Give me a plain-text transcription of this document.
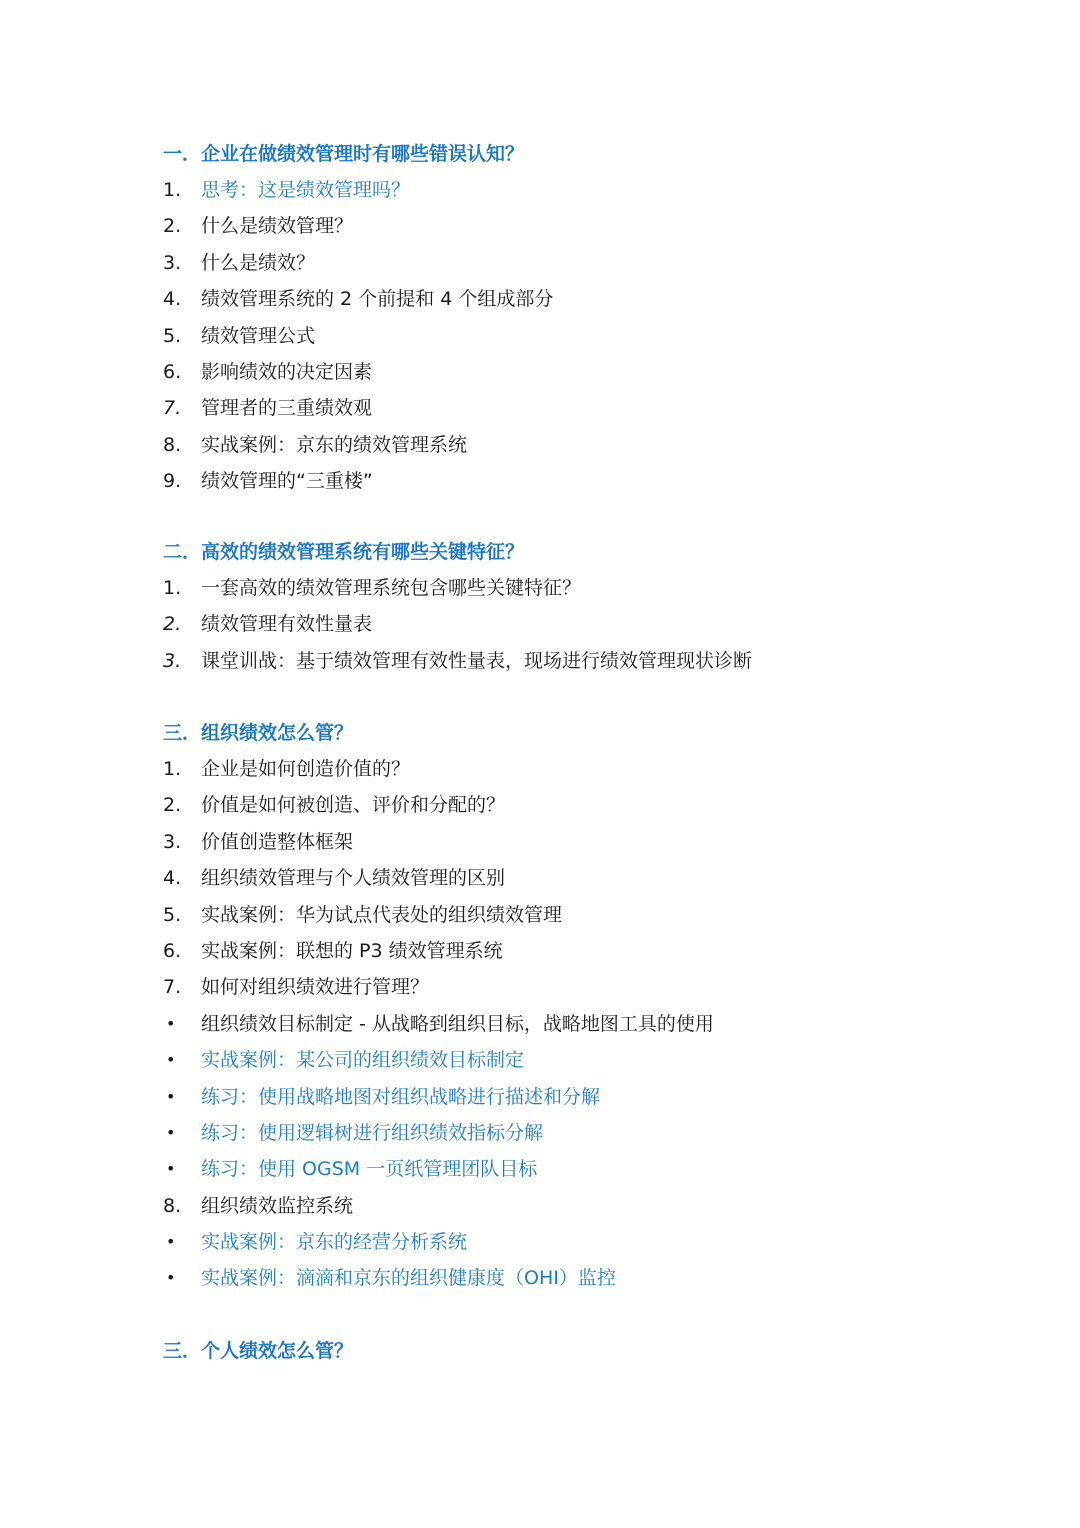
一．企业在做绩效管理时有哪些错误认知？
1.	思考：这是绩效管理吗？
2.	什么是绩效管理？
3.	什么是绩效？
4.	绩效管理系统的 2 个前提和 4 个组成部分
5.	绩效管理公式
6.	影响绩效的决定因素
7.	管理者的三重绩效观
8.	实战案例：京东的绩效管理系统
9.	绩效管理的“三重楼”
二．高效的绩效管理系统有哪些关键特征？
1.	一套高效的绩效管理系统包含哪些关键特征？
2.	绩效管理有效性量表
3.	课堂训战：基于绩效管理有效性量表，现场进行绩效管理现状诊断
三．组织绩效怎么管？
1.	企业是如何创造价值的？
2.	价值是如何被创造、评价和分配的？
3.	价值创造整体框架
4.	组织绩效管理与个人绩效管理的区别
5.	实战案例：华为试点代表处的组织绩效管理
6.	实战案例：联想的 P3 绩效管理系统
7.	如何对组织绩效进行管理？
• 组织绩效目标制定 - 从战略到组织目标，战略地图工具的使用
• 实战案例：某公司的组织绩效目标制定
• 练习：使用战略地图对组织战略进行描述和分解
• 练习：使用逻辑树进行组织绩效指标分解
• 练习：使用 OGSM 一页纸管理团队目标
8.	组织绩效监控系统
• 实战案例：京东的经营分析系统
• 实战案例：滴滴和京东的组织健康度（OHI）监控
三．个人绩效怎么管？
